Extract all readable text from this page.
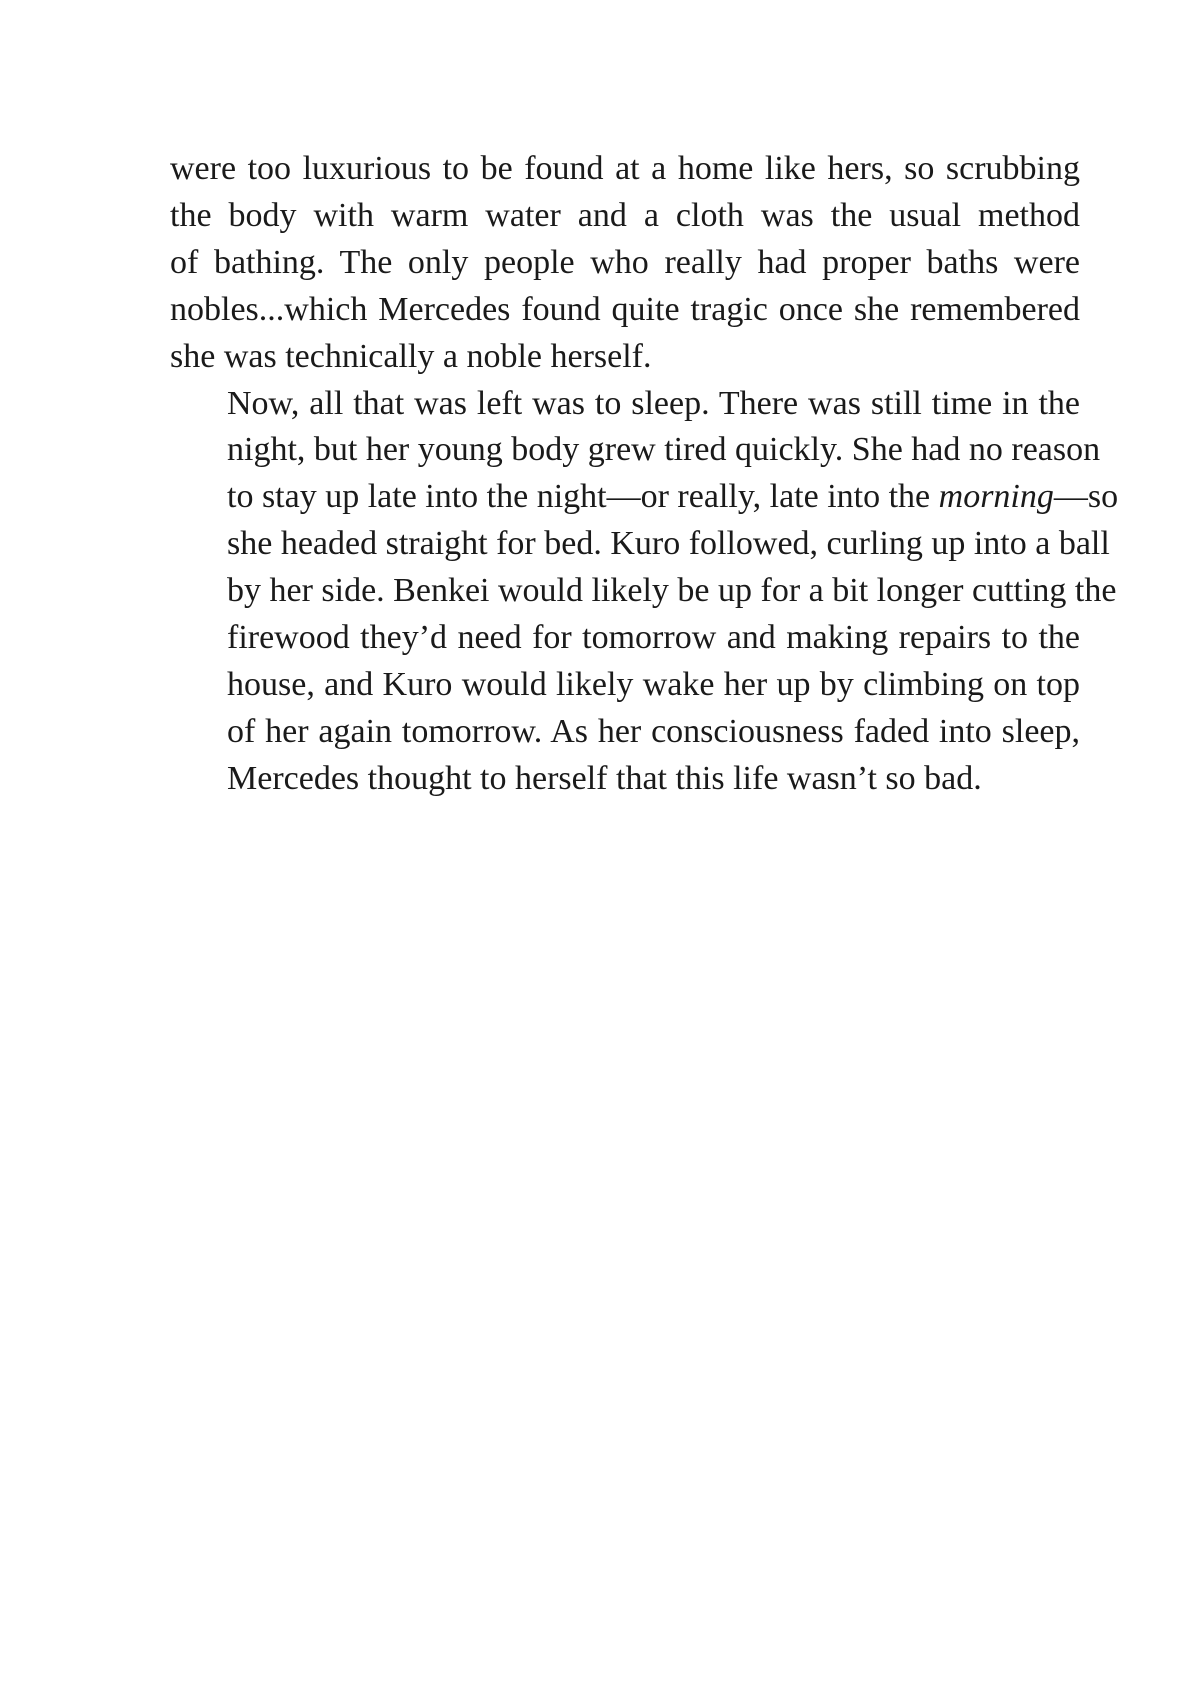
were too luxurious to be found at a home like hers, so scrubbing
the body with warm water and a cloth was the usual method
of bathing. The only people who really had proper baths were
nobles...which Mercedes found quite tragic once she remembered
she was technically a noble herself.

Now, all that was left was to sleep. There was still time in the
night, but her young body grew tired quickly. She had no reason
to stay up late into the night—or really, late into the morning—so
she headed straight for bed. Kuro followed, curling up into a ball
by her side. Benkei would likely be up for a bit longer cutting the
firewood they’d need for tomorrow and making repairs to the
house, and Kuro would likely wake her up by climbing on top
of her again tomorrow. As her consciousness faded into sleep,
Mercedes thought to herself that this life wasn’t so bad.
